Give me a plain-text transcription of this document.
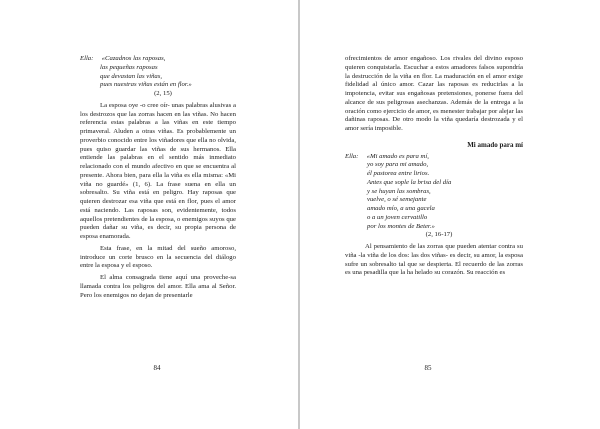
Ella: «Cazadnos las raposas,
las pequeñas raposas
que devastan las viñas,
pues nuestras viñas están en flor.»
(2, 15)

La esposa oye -o cree oír- unas palabras alusivas a los destrozos que las zorras hacen en las viñas. No hacen referencia estas palabras a las viñas en este tiempo primaveral. Aluden a otras viñas. Es probablemente un proverbio conocido entre los viñadores que ella no olvida, pues quiso guardar las viñas de sus hermanos. Ella entiende las palabras en el sentido más inmediato relacionado con el mundo afectivo en que se encuentra al presente. Ahora bien, para ella la viña es ella misma: «Mi viña no guardé» (1, 6). La frase suena en ella un sobresalto. Su viña está en peligro. Hay raposas que quieren destrozar esa viña que está en flor, pues el amor está naciendo. Las raposas son, evidentemente, todos aquellos pretendientes de la esposa, o enemigos suyos que pueden dañar su viña, es decir, su propia persona de esposa enamorada.

Esta frase, en la mitad del sueño amoroso, introduce un corte brusco en la secuencia del diálogo entre la esposa y el esposo.

El alma consagrada tiene aquí una proveche-sa llamada contra los peligros del amor. Ella ama al Señor. Pero los enemigos no dejan de presentarle

84

ofrecimientos de amor engañoso. Los rivales del divino esposo quieren conquistarla. Escuchar a estos amadores falsos supondría la destrucción de la viña en flor. La maduración en el amor exige fidelidad al único amor. Cazar las raposas es reducirlas a la impotencia, evitar sus engañosas pretensiones, ponerse fuera del alcance de sus peligrosas asechanzas. Además de la entrega a la oración como ejercicio de amor, es menester trabajar por alejar las dañinas raposas. De otro modo la viña quedaría destrozada y el amor sería imposible.

Mi amado para mí
Ella: «Mi amado es para mí,
yo soy para mi amado,
él pastorea entre lirios.
Antes que sople la brisa del día
y se huyan las sombras,
vuelve, o sé semejante
amado mío, a una gacela
o a un joven cervatillo
por los montes de Beter.»
(2, 16-17)

Al pensamiento de las zorras que pueden atentar contra su viña -la viña de los dos: las dos viñas- es decir, su amor, la esposa sufre un sobresalto tal que se despierta. El recuerdo de las zorras es una pesadilla que la ha helado su corazón. Su reacción es

85
